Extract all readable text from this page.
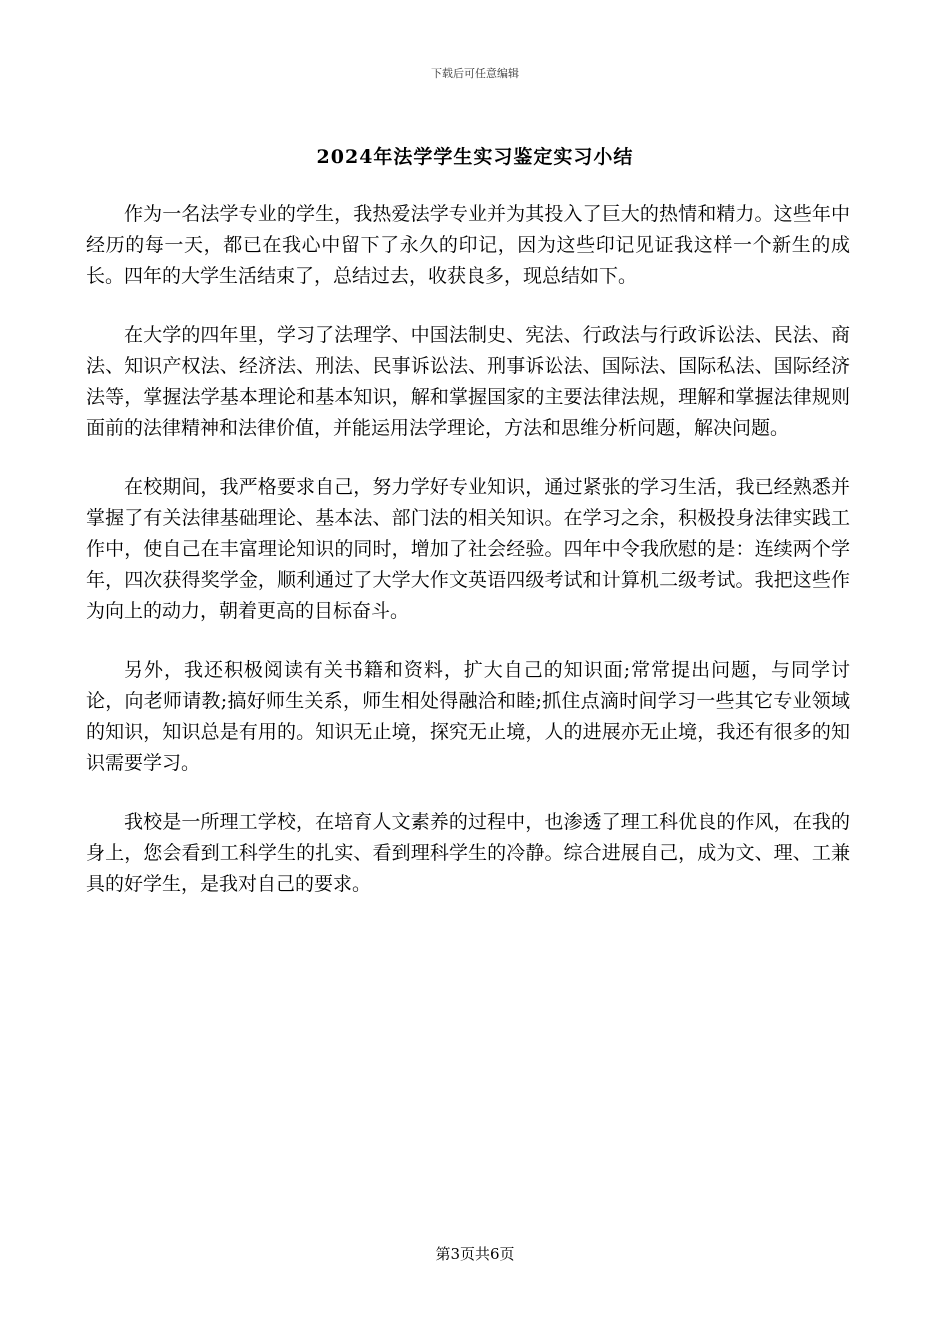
下载后可任意编辑
2024年法学学生实习鉴定实习小结

作为一名法学专业的学生，我热爱法学专业并为其投入了巨大的热情和精力。这些年中经历的每一天，都已在我心中留下了永久的印记，因为这些印记见证我这样一个新生的成长。四年的大学生活结束了，总结过去，收获良多，现总结如下。

在大学的四年里，学习了法理学、中国法制史、宪法、行政法与行政诉讼法、民法、商法、知识产权法、经济法、刑法、民事诉讼法、刑事诉讼法、国际法、国际私法、国际经济法等，掌握法学基本理论和基本知识，解和掌握国家的主要法律法规，理解和掌握法律规则面前的法律精神和法律价值，并能运用法学理论，方法和思维分析问题，解决问题。

在校期间，我严格要求自己，努力学好专业知识，通过紧张的学习生活，我已经熟悉并掌握了有关法律基础理论、基本法、部门法的相关知识。在学习之余，积极投身法律实践工作中，使自己在丰富理论知识的同时，增加了社会经验。四年中令我欣慰的是：连续两个学年，四次获得奖学金，顺利通过了大学大作文英语四级考试和计算机二级考试。我把这些作为向上的动力，朝着更高的目标奋斗。

另外，我还积极阅读有关书籍和资料，扩大自己的知识面;常常提出问题，与同学讨论，向老师请教;搞好师生关系，师生相处得融洽和睦;抓住点滴时间学习一些其它专业领域的知识，知识总是有用的。知识无止境，探究无止境，人的进展亦无止境，我还有很多的知识需要学习。

我校是一所理工学校，在培育人文素养的过程中，也渗透了理工科优良的作风，在我的身上，您会看到工科学生的扎实、看到理科学生的冷静。综合进展自己，成为文、理、工兼具的好学生，是我对自己的要求。

第3页共6页
